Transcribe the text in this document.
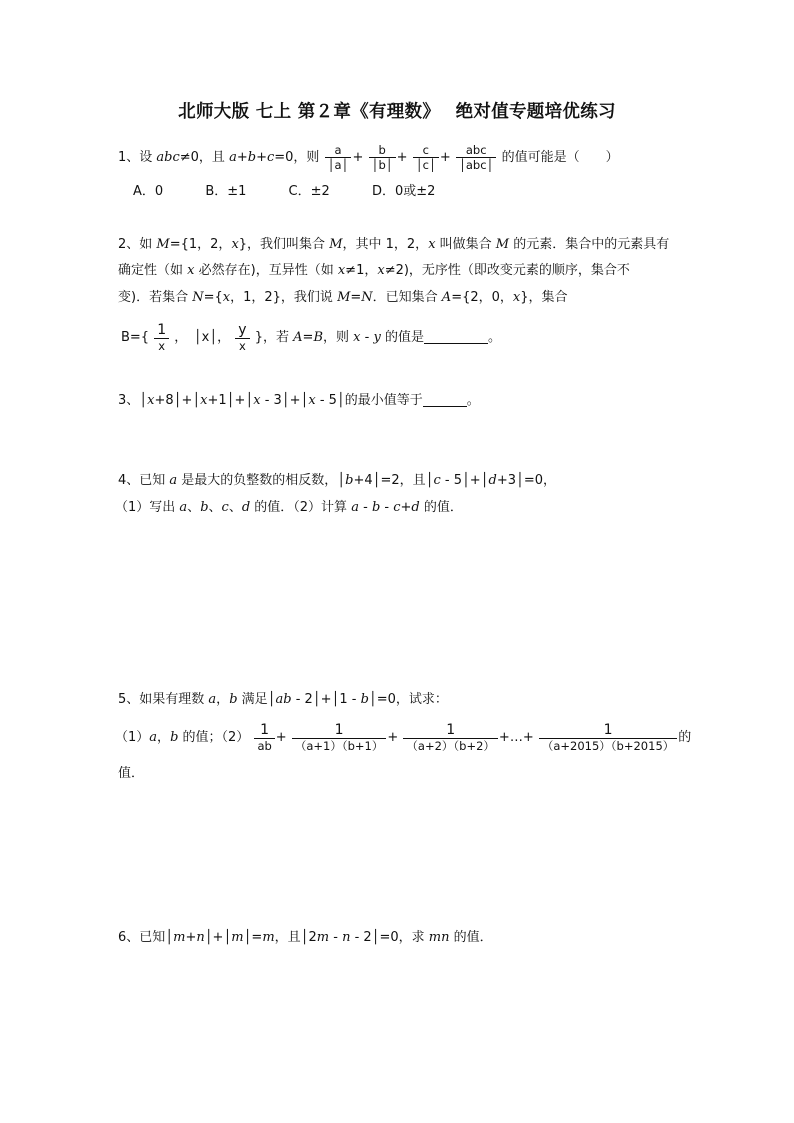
北师大版 七上 第２章《有理数》　 绝对值专题培优练习
1、设 abc≠0，且 a+b+c=0，则 $\frac{a}{│a│} + \frac{b}{│b│} + \frac{c}{│c│} + \frac{\text{abc}}{\text{│abc│}}$ 的值可能是（　　）
A．0	B．±1	C．±2	D．0或±2
2、如 M={1，2，x}，我们叫集合 M，其中 1，2，x 叫做集合 M 的元素．集合中的元素具有
确定性（如 x 必然存在)，互异性（如 x≠1，x≠2)，无序性（即改变元素的顺序，集合不
变)．若集合 N={x，1，2}，我们说 M=N．已知集合 A={2，0，x}，集合
$B=\{ \frac{1}{x}$ ，　│x│， $\frac{y}{x}$ }，若 A=B，则 x - y 的值是	。
3、│x+8│+│x+1│+│x - 3│+│x - 5│的最小值等于	。
4、已知 a 是最大的负整数的相反数，│b+4│=2，且│c - 5│+│d+3│=0，
（1）写出 a、b、c、d 的值．（2）计算 a - b - c+d 的值．
5、如果有理数 a，b 满足│ab - 2│+│1 - b│=0，试求：
（1）a，b 的值；$(2) \frac{1}{ab} + \frac{1}{(a+1)(b+1)} + \frac{1}{(a+2)(b+2)}$ +…+ $\frac{1}{(a+2015)(b+2015)}$ 的
值．
6、已知│m+n│+│m│=m，且│2m - n - 2│=0，求 mn 的值．
